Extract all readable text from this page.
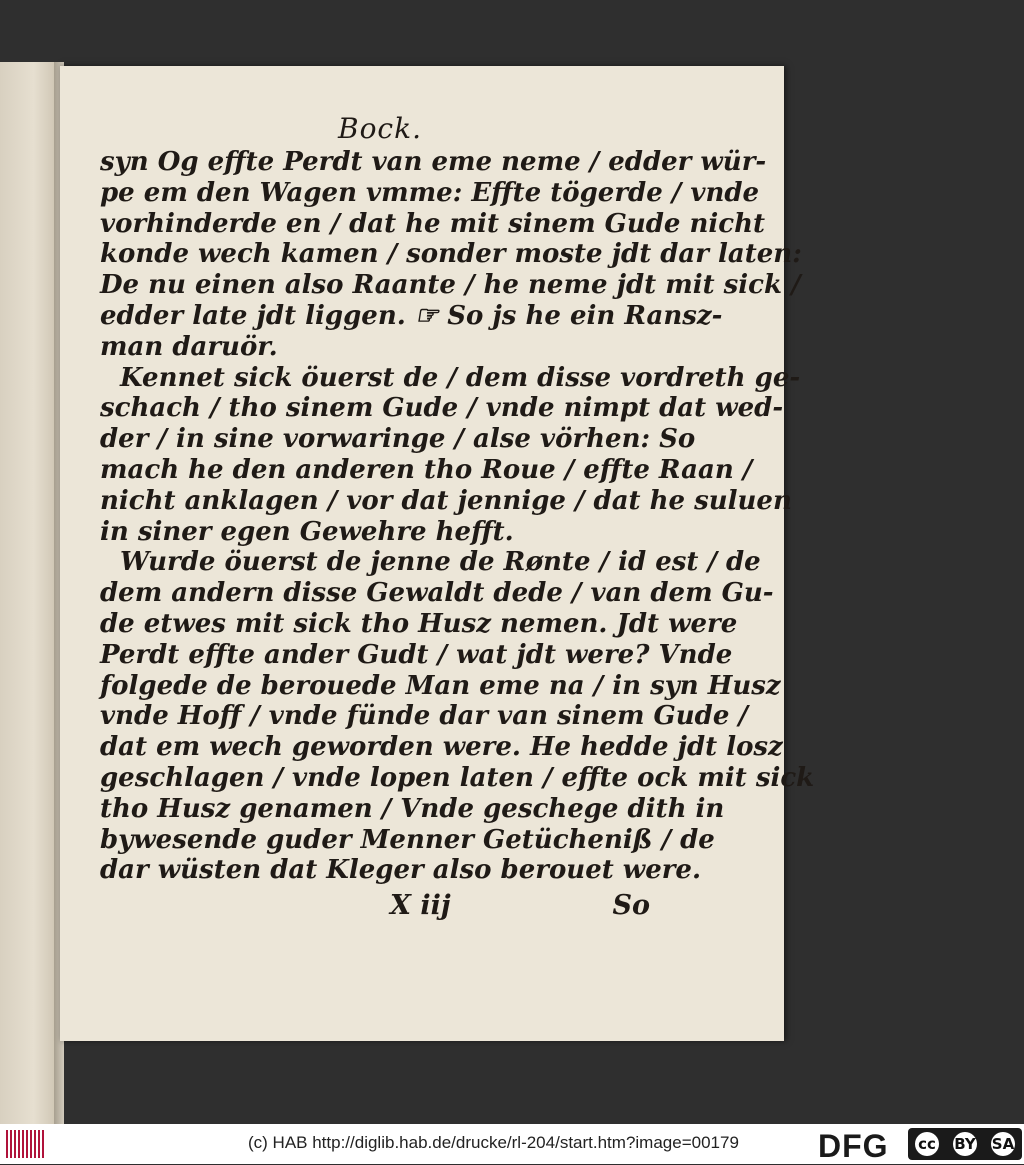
Bock.
syn Og effte Perdt van eme neme / edder wür-
pe em den Wagen vmme: Effte tögerde / vnde
vorhinderde en / dat he mit sinem Gude nicht
konde wech kamen / sonder moste jdt dar laten:
De nu einen also Raante / he neme jdt mit sick /
edder late jdt liggen. ☞ So js he ein Ransz-
man daruör.
Kennet sick öuerst de / dem disse vordreth ge-
schach / tho sinem Gude / vnde nimpt dat wed-
der / in sine vorwaringe / alse vörhen: So
mach he den anderen tho Roue / effte Raan /
nicht anklagen / vor dat jennige / dat he suluen
in siner egen Gewehre hefft.
Wurde öuerst de jenne de Rønte / id est / de
dem andern disse Gewaldt dede / van dem Gu-
de etwes mit sick tho Husz nemen. Jdt were
Perdt effte ander Gudt / wat jdt were? Vnde
folgede de berouede Man eme na / in syn Husz
vnde Hoff / vnde fünde dar van sinem Gude /
dat em wech geworden were. He hedde jdt losz
geschlagen / vnde lopen laten / effte ock mit sick
tho Husz genamen / Vnde geschege dith in
bywesende guder Menner Getücheniß / de
dar wüsten dat Kleger also berouet were.
X iij	So
(c) HAB http://diglib.hab.de/drucke/rl-204/start.htm?image=00179 DFG cc BY SA
